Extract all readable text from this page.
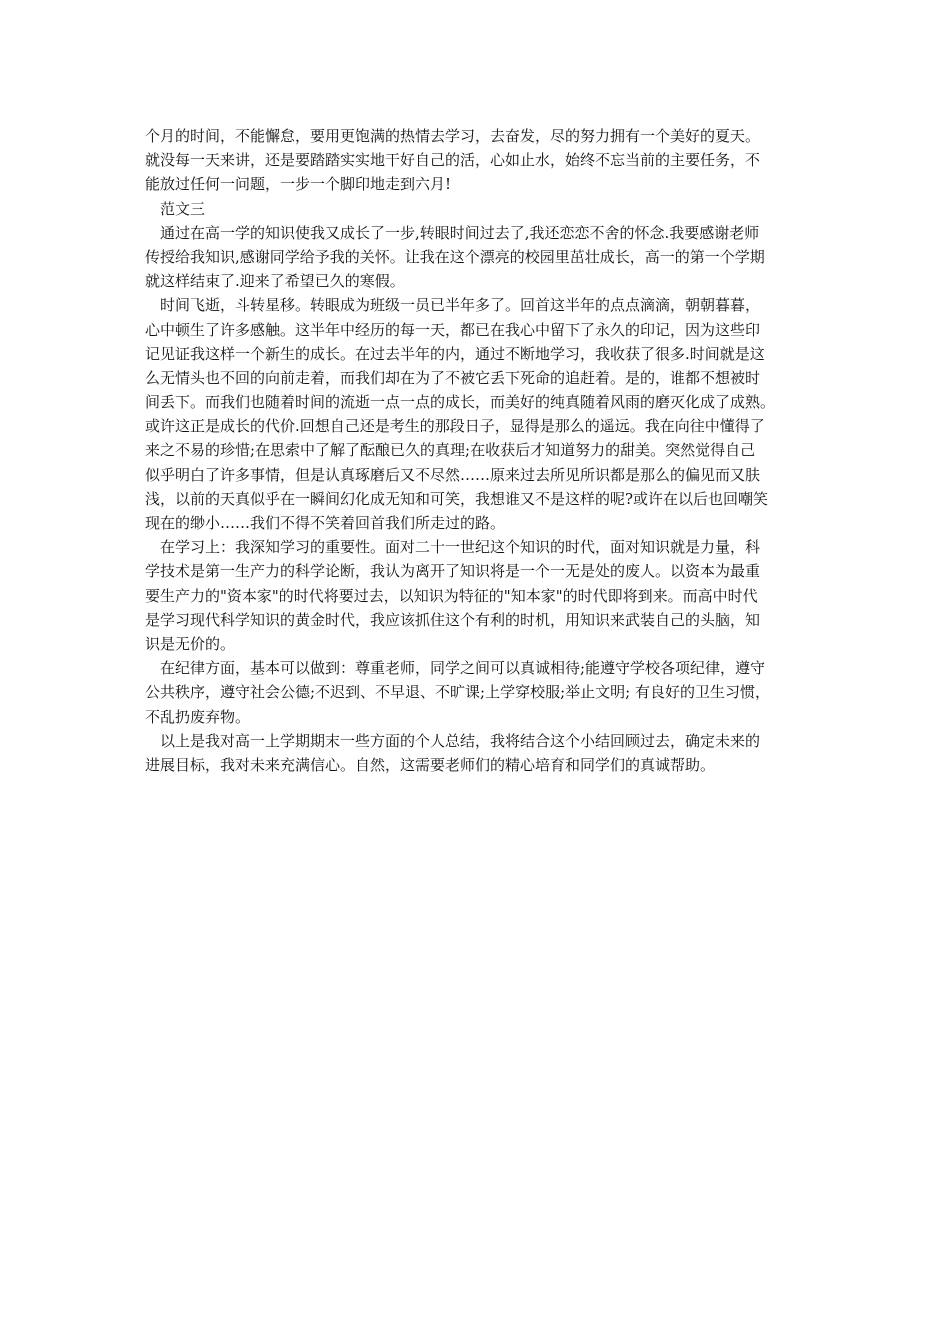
个月的时间，不能懈怠，要用更饱满的热情去学习，去奋发，尽的努力拥有一个美好的夏天。
就没每一天来讲，还是要踏踏实实地干好自己的活，心如止水，始终不忘当前的主要任务，不
能放过任何一问题，一步一个脚印地走到六月!
　范文三
　通过在高一学的知识使我又成长了一步,转眼时间过去了,我还恋恋不舍的怀念.我要感谢老师
传授给我知识,感谢同学给予我的关怀。让我在这个漂亮的校园里茁壮成长，高一的第一个学期
就这样结束了.迎来了希望已久的寒假。
　时间飞逝，斗转星移。转眼成为班级一员已半年多了。回首这半年的点点滴滴，朝朝暮暮，
心中顿生了许多感触。这半年中经历的每一天，都已在我心中留下了永久的印记，因为这些印
记见证我这样一个新生的成长。在过去半年的内，通过不断地学习，我收获了很多.时间就是这
么无情头也不回的向前走着，而我们却在为了不被它丢下死命的追赶着。是的，谁都不想被时
间丢下。而我们也随着时间的流逝一点一点的成长，而美好的纯真随着风雨的磨灭化成了成熟。
或许这正是成长的代价.回想自己还是考生的那段日子，显得是那么的遥远。我在向往中懂得了
来之不易的珍惜;在思索中了解了酝酿已久的真理;在收获后才知道努力的甜美。突然觉得自己
似乎明白了许多事情，但是认真琢磨后又不尽然……原来过去所见所识都是那么的偏见而又肤
浅，以前的天真似乎在一瞬间幻化成无知和可笑，我想谁又不是这样的呢?或许在以后也回嘲笑
现在的缈小……我们不得不笑着回首我们所走过的路。
　在学习上：我深知学习的重要性。面对二十一世纪这个知识的时代，面对知识就是力量，科
学技术是第一生产力的科学论断，我认为离开了知识将是一个一无是处的废人。以资本为最重
要生产力的"资本家"的时代将要过去，以知识为特征的"知本家"的时代即将到来。而高中时代
是学习现代科学知识的黄金时代，我应该抓住这个有利的时机，用知识来武装自己的头脑，知
识是无价的。
　在纪律方面，基本可以做到：尊重老师，同学之间可以真诚相待;能遵守学校各项纪律，遵守
公共秩序，遵守社会公德;不迟到、不早退、不旷课;上学穿校服;举止文明; 有良好的卫生习惯，
不乱扔废弃物。
　以上是我对高一上学期期末一些方面的个人总结，我将结合这个小结回顾过去，确定未来的
进展目标，我对未来充满信心。自然，这需要老师们的精心培育和同学们的真诚帮助。
